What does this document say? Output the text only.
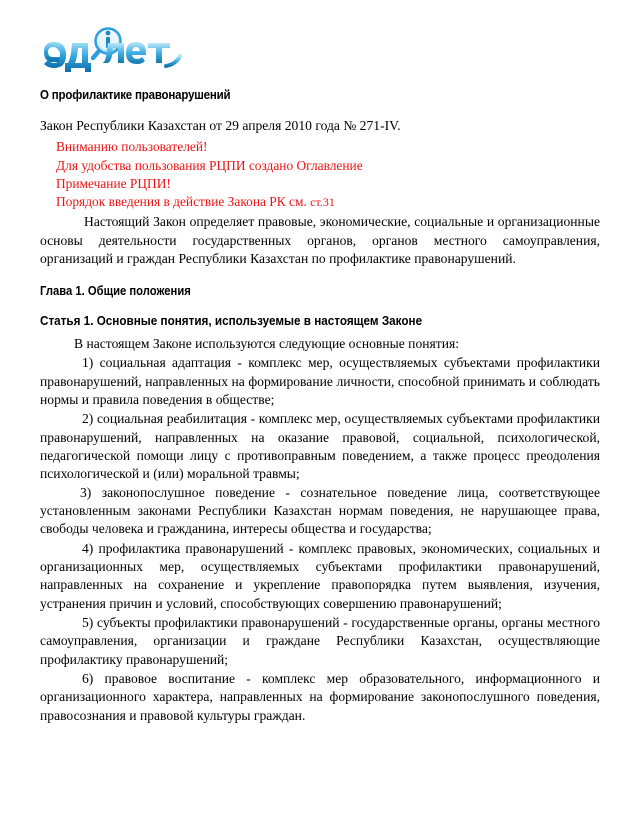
О профилактике правонарушений

Закон Республики Казахстан от 29 апреля 2010 года № 271-IV.

Вниманию пользователей!
Для удобства пользования РЦПИ создано Оглавление
Примечание РЦПИ!
Порядок введения в действие Закона РК см. ст.31

Настоящий Закон определяет правовые, экономические, социальные и организационные основы деятельности государственных органов, органов местного самоуправления, организаций и граждан Республики Казахстан по профилактике правонарушений.

Глава 1. Общие положения
Статья 1. Основные понятия, используемые в настоящем Законе

В настоящем Законе используются следующие основные понятия:

1) социальная адаптация - комплекс мер, осуществляемых субъектами профилактики правонарушений, направленных на формирование личности, способной принимать и соблюдать нормы и правила поведения в обществе;

2) социальная реабилитация - комплекс мер, осуществляемых субъектами профилактики правонарушений, направленных на оказание правовой, социальной, психологической, педагогической помощи лицу с противоправным поведением, а также процесс преодоления психологической и (или) моральной травмы;

3) законопослушное поведение - сознательное поведение лица, соответствующее установленным законами Республики Казахстан нормам поведения, не нарушающее права, свободы человека и гражданина, интересы общества и государства;

4) профилактика правонарушений - комплекс правовых, экономических, социальных и организационных мер, осуществляемых субъектами профилактики правонарушений, направленных на сохранение и укрепление правопорядка путем выявления, изучения, устранения причин и условий, способствующих совершению правонарушений;

5) субъекты профилактики правонарушений - государственные органы, органы местного самоуправления, организации и граждане Республики Казахстан, осуществляющие профилактику правонарушений;

6) правовое воспитание - комплекс мер образовательного, информационного и организационного характера, направленных на формирование законопослушного поведения, правосознания и правовой культуры граждан.
